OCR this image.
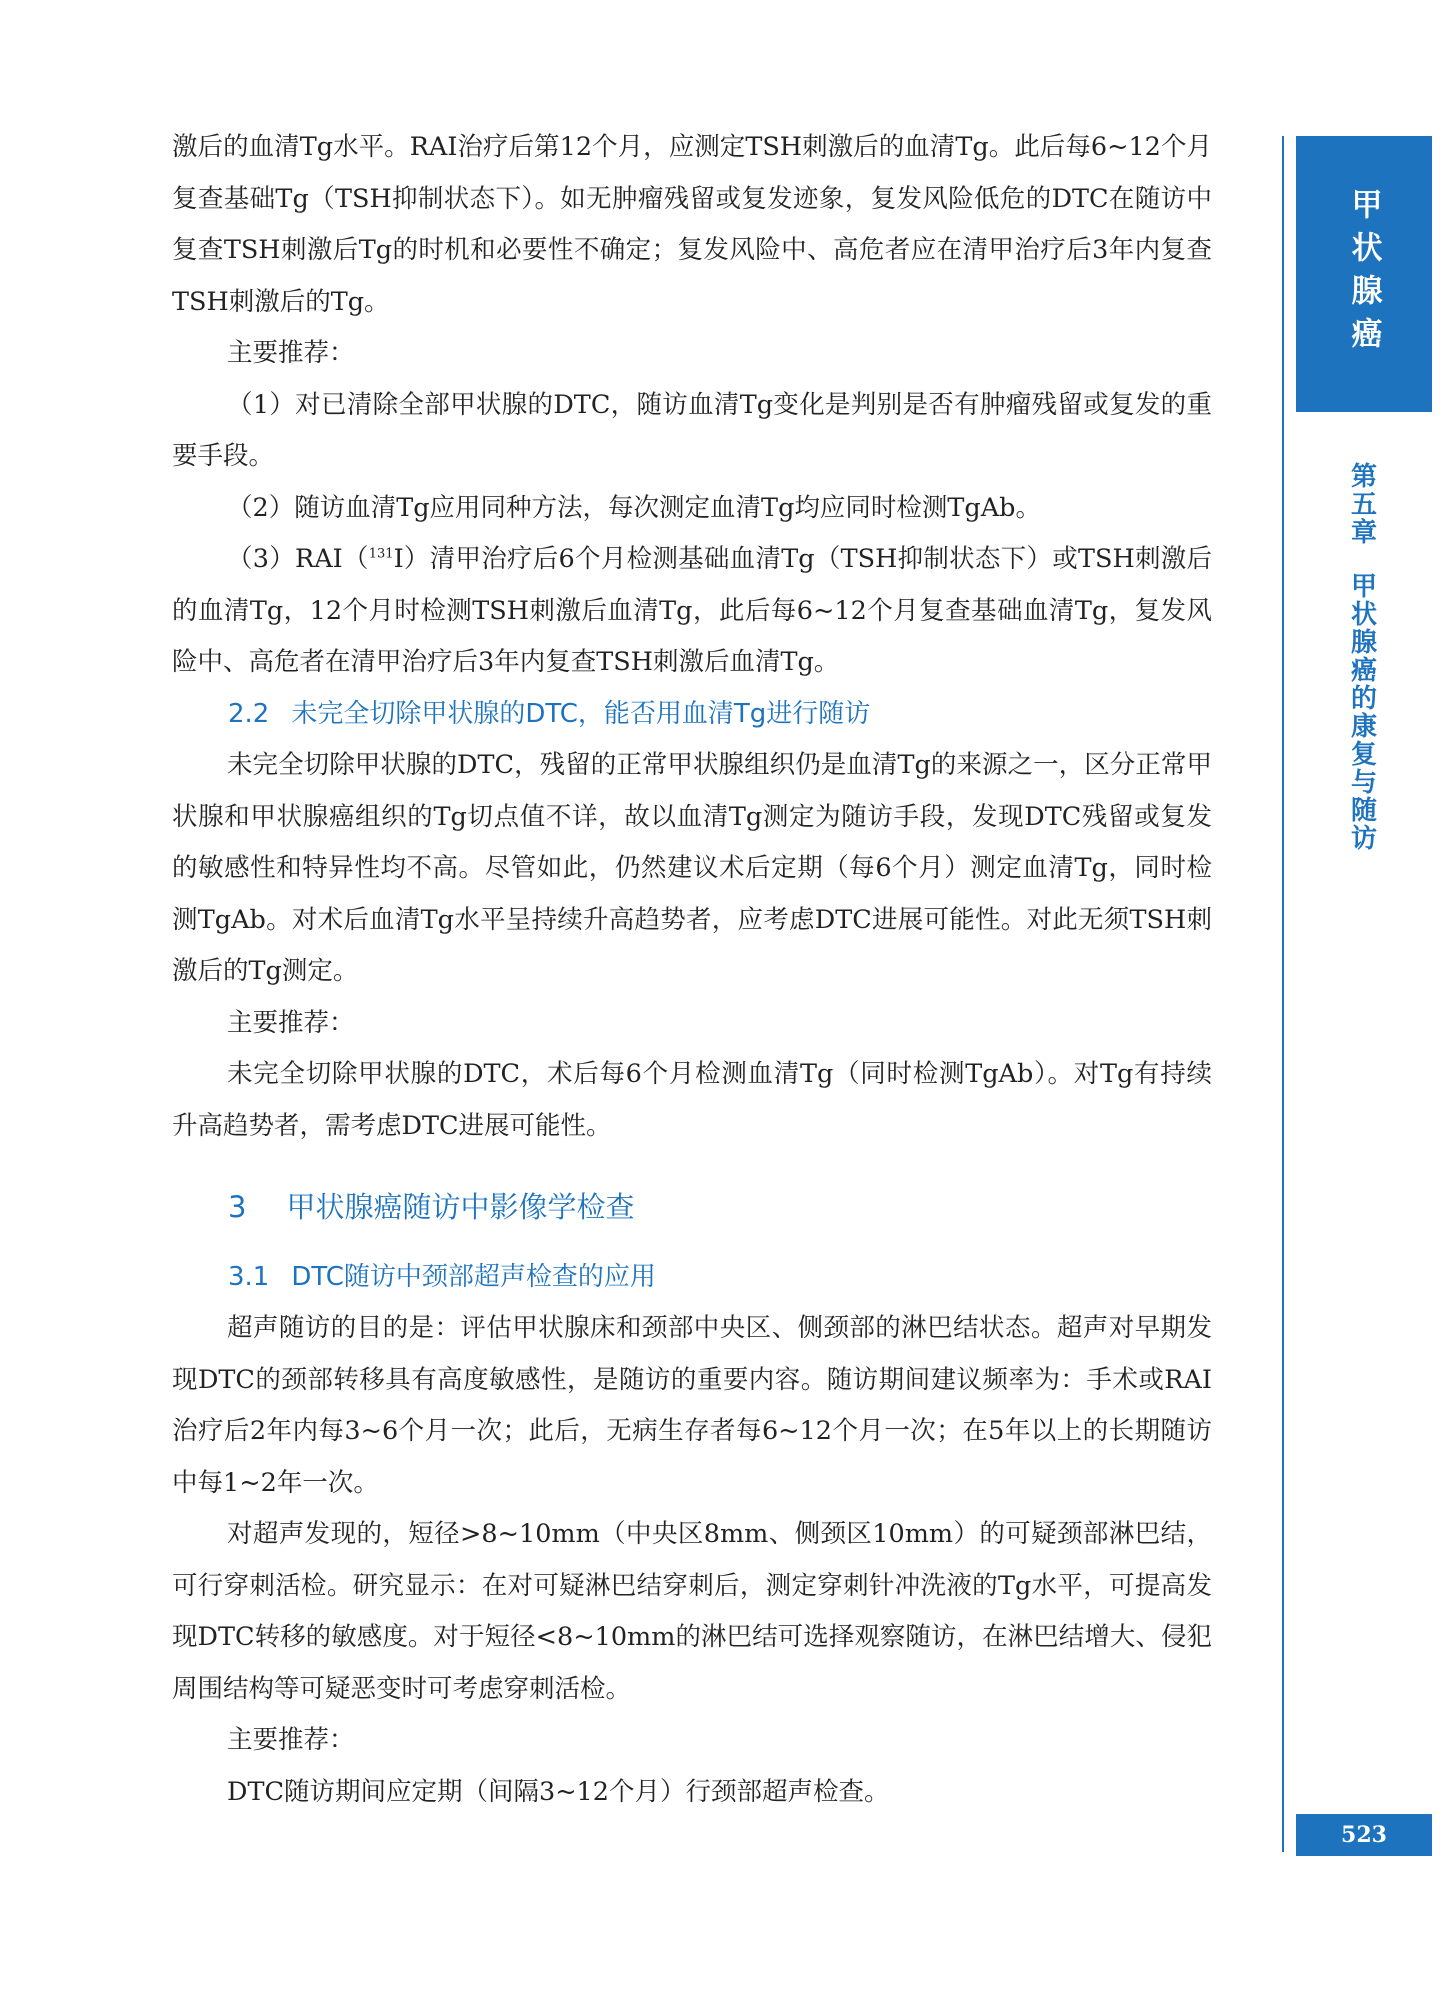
激后的血清Tg水平。RAI治疗后第12个月，应测定TSH刺激后的血清Tg。此后每6~12个月复查基础Tg（TSH抑制状态下）。如无肿瘤残留或复发迹象，复发风险低危的DTC在随访中复查TSH刺激后Tg的时机和必要性不确定；复发风险中、高危者应在清甲治疗后3年内复查TSH刺激后的Tg。

主要推荐：

（1）对已清除全部甲状腺的DTC，随访血清Tg变化是判别是否有肿瘤残留或复发的重要手段。

（2）随访血清Tg应用同种方法，每次测定血清Tg均应同时检测TgAb。

（3）RAI（$^{131}$I）清甲治疗后6个月检测基础血清Tg（TSH抑制状态下）或TSH刺激后的血清Tg，12个月时检测TSH刺激后血清Tg，此后每6~12个月复查基础血清Tg，复发风险中、高危者在清甲治疗后3年内复查TSH刺激后血清Tg。

2.2 未完全切除甲状腺的DTC，能否用血清Tg进行随访

未完全切除甲状腺的DTC，残留的正常甲状腺组织仍是血清Tg的来源之一，区分正常甲状腺和甲状腺癌组织的Tg切点值不详，故以血清Tg测定为随访手段，发现DTC残留或复发的敏感性和特异性均不高。尽管如此，仍然建议术后定期（每6个月）测定血清Tg，同时检测TgAb。对术后血清Tg水平呈持续升高趋势者，应考虑DTC进展可能性。对此无须TSH刺激后的Tg测定。

主要推荐：

未完全切除甲状腺的DTC，术后每6个月检测血清Tg（同时检测TgAb）。对Tg有持续升高趋势者，需考虑DTC进展可能性。

3 甲状腺癌随访中影像学检查
3.1 DTC随访中颈部超声检查的应用

超声随访的目的是：评估甲状腺床和颈部中央区、侧颈部的淋巴结状态。超声对早期发现DTC的颈部转移具有高度敏感性，是随访的重要内容。随访期间建议频率为：手术或RAI治疗后2年内每3~6个月一次；此后，无病生存者每6~12个月一次；在5年以上的长期随访中每1~2年一次。

对超声发现的，短径>8~10mm（中央区8mm、侧颈区10mm）的可疑颈部淋巴结，可行穿刺活检。研究显示：在对可疑淋巴结穿刺后，测定穿刺针冲洗液的Tg水平，可提高发现DTC转移的敏感度。对于短径<8~10mm的淋巴结可选择观察随访，在淋巴结增大、侵犯周围结构等可疑恶变时可考虑穿刺活检。

主要推荐：

DTC随访期间应定期（间隔3~12个月）行颈部超声检查。

甲状腺癌
第五章
甲状腺癌的康复与随访
523
